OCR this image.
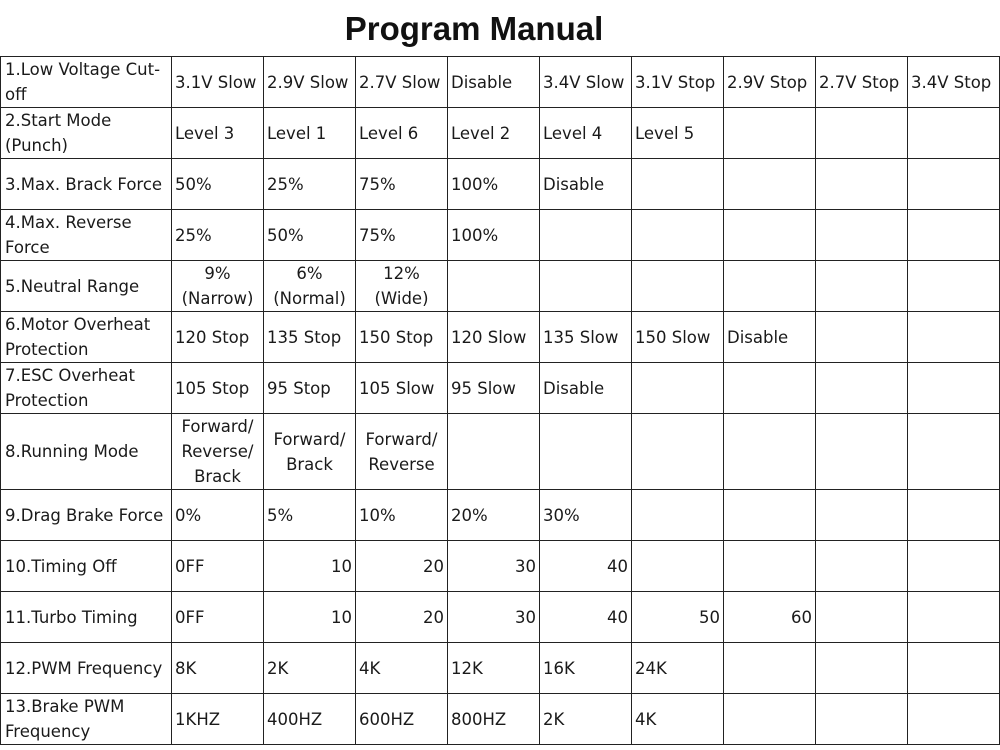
Program Manual
1.Low Voltage Cut-off	3.1V Slow	2.9V Slow	2.7V Slow	Disable	3.4V Slow	3.1V Stop	2.9V Stop	2.7V Stop	3.4V Stop
2.Start Mode (Punch)	Level 3	Level 1	Level 6	Level 2	Level 4	Level 5			
3.Max. Brack Force	50%	25%	75%	100%	Disable				
4.Max. Reverse Force	25%	50%	75%	100%					
5.Neutral Range	9% (Narrow)	6% (Normal)	12% (Wide)						
6.Motor Overheat Protection	120 Stop	135 Stop	150 Stop	120 Slow	135 Slow	150 Slow	Disable		
7.ESC Overheat Protection	105 Stop	95 Stop	105 Slow	95 Slow	Disable				
8.Running Mode	Forward/ Reverse/ Brack	Forward/ Brack	Forward/ Reverse						
9.Drag Brake Force	0%	5%	10%	20%	30%				
10.Timing Off	0FF	10	20	30	40				
11.Turbo Timing	0FF	10	20	30	40	50	60		
12.PWM Frequency	8K	2K	4K	12K	16K	24K			
13.Brake PWM Frequency	1KHZ	400HZ	600HZ	800HZ	2K	4K			
